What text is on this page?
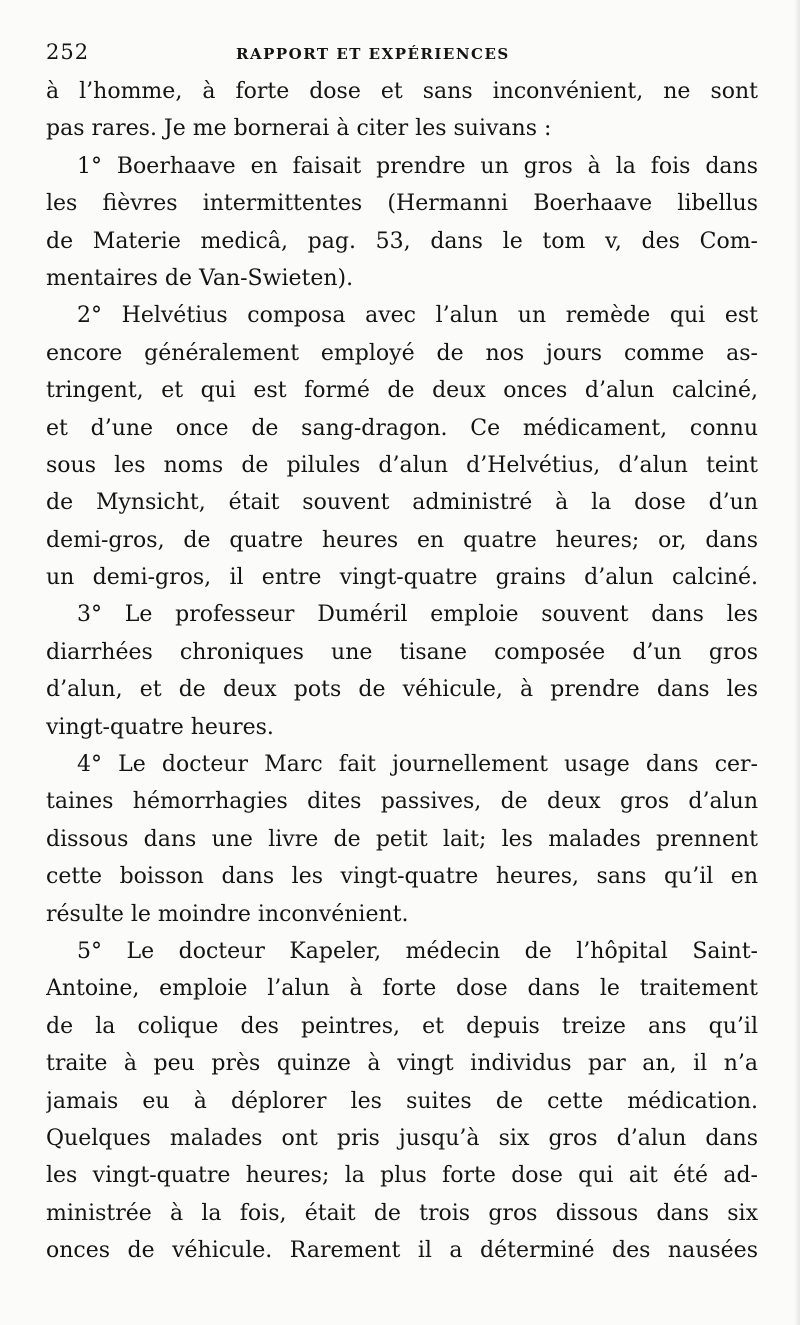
252	RAPPORT ET EXPÉRIENCES
à l’homme, à forte dose et sans inconvénient, ne sont
pas rares. Je me bornerai à citer les suivans :
1° Boerhaave en faisait prendre un gros à la fois dans
les fièvres intermittentes (Hermanni Boerhaave libellus
de Materie medicâ, pag. 53, dans le tom v, des Com-
mentaires de Van-Swieten).
2° Helvétius composa avec l’alun un remède qui est
encore généralement employé de nos jours comme as-
tringent, et qui est formé de deux onces d’alun calciné,
et d’une once de sang-dragon. Ce médicament, connu
sous les noms de pilules d’alun d’Helvétius, d’alun teint
de Mynsicht, était souvent administré à la dose d’un
demi-gros, de quatre heures en quatre heures; or, dans
un demi-gros, il entre vingt-quatre grains d’alun calciné.
3° Le professeur Duméril emploie souvent dans les
diarrhées chroniques une tisane composée d’un gros
d’alun, et de deux pots de véhicule, à prendre dans les
vingt-quatre heures.
4° Le docteur Marc fait journellement usage dans cer-
taines hémorrhagies dites passives, de deux gros d’alun
dissous dans une livre de petit lait; les malades prennent
cette boisson dans les vingt-quatre heures, sans qu’il en
résulte le moindre inconvénient.
5° Le docteur Kapeler, médecin de l’hôpital Saint-
Antoine, emploie l’alun à forte dose dans le traitement
de la colique des peintres, et depuis treize ans qu’il
traite à peu près quinze à vingt individus par an, il n’a
jamais eu à déplorer les suites de cette médication.
Quelques malades ont pris jusqu’à six gros d’alun dans
les vingt-quatre heures; la plus forte dose qui ait été ad-
ministrée à la fois, était de trois gros dissous dans six
onces de véhicule. Rarement il a déterminé des nausées
